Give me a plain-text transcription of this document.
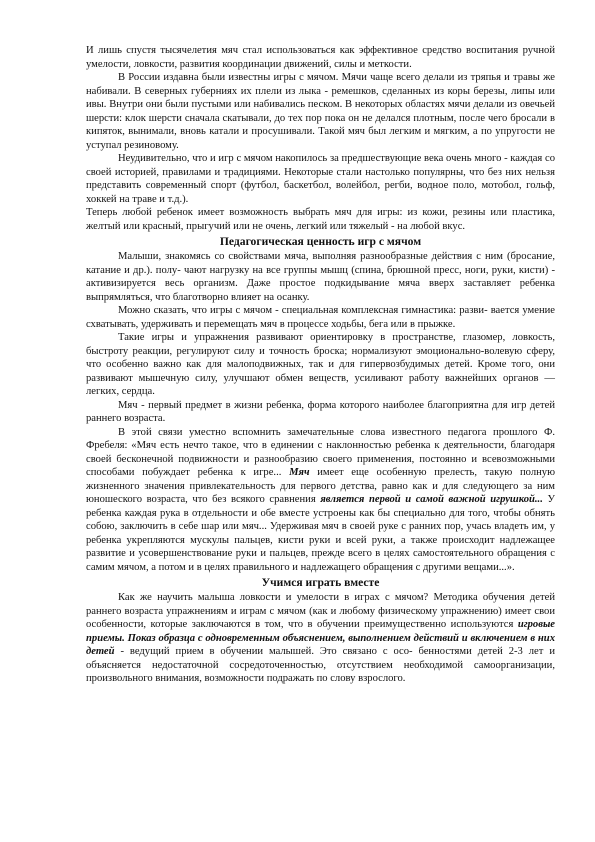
И лишь спустя тысячелетия мяч стал использоваться как эффективное средство воспитания ручной умелости, ловкости, развития координации движений, силы и меткости.

В России издавна были известны игры с мячом. Мячи чаще всего делали из тряпья и травы же набивали. В северных губерниях их плели из лыка - ремешков, сделанных из коры березы, липы или ивы. Внутри они были пустыми или набивались песком. В некоторых областях мячи делали из овечьей шерсти: клок шерсти сначала скатывали, до тех пор пока он не делался плотным, после чего бросали в кипяток, вынимали, вновь катали и просушивали. Такой мяч был легким и мягким, а по упругости не уступал резиновому.

Неудивительно, что и игр с мячом накопилось за предшествующие века очень много - каждая со своей историей, правилами и традициями. Некоторые стали настолько популярны, что без них нельзя представить современный спорт (футбол, баскетбол, волейбол, регби, водное поло, мотобол, гольф, хоккей на траве и т.д.).

Теперь любой ребенок имеет возможность выбрать мяч для игры: из кожи, резины или пластика, желтый или красный, прыгучий или не очень, легкий или тяжелый - на любой вкус.

Педагогическая ценность игр с мячом

Малыши, знакомясь со свойствами мяча, выполняя разнообразные действия с ним (бросание, катание и др.). полу- чают нагрузку на все группы мышц (спина, брюшной пресс, ноги, руки, кисти) - активизируется весь организм. Даже простое подкидывание мяча вверх заставляет ребенка выпрямляться, что благотворно влияет на осанку.

Можно сказать, что игры с мячом - специальная комплексная гимнастика: разви- вается умение схватывать, удерживать и перемещать мяч в процессе ходьбы, бега или в прыжке.

Такие игры и упражнения развивают ориентировку в пространстве, глазомер, ловкость, быстроту реакции, регулируют силу и точность броска; нормализуют эмоционально-волевую сферу, что особенно важно как для малоподвижных, так и для гипервозбудимых детей. Кроме того, они развивают мышечную силу, улучшают обмен веществ, усиливают работу важнейших органов — легких, сердца.

Мяч - первый предмет в жизни ребенка, форма которого наиболее благоприятна для игр детей раннего возраста.

В этой связи уместно вспомнить замечательные слова известного педагога прошлого Ф. Фребеля: «Мяч есть нечто такое, что в единении с наклонностью ребенка к деятельности, благодаря своей бесконечной подвижности и разнообразию своего применения, постоянно и всевозможными способами побуждает ребенка к игре... Мяч имеет еще особенную прелесть, такую полную жизненного значения привлекательность для первого детства, равно как и для следующего за ним юношеского возраста, что без всякого сравнения является первой и самой важной игрушкой... У ребенка каждая рука в отдельности и обе вместе устроены как бы специально для того, чтобы обнять собою, заключить в себе шар или мяч... Удерживая мяч в своей руке с ранних пор, учась владеть им, у ребенка укрепляются мускулы пальцев, кисти руки и всей руки, а также происходит надлежащее развитие и усовершенствование руки и пальцев, прежде всего в целях самостоятельного обращения с самим мячом, а потом и в целях правильного и надлежащего обращения с другими вещами...».

Учимся играть вместе

Как же научить малыша ловкости и умелости в играх с мячом? Методика обучения детей раннего возраста упражнениям и играм с мячом (как и любому физическому упражнению) имеет свои особенности, которые заключаются в том, что в обучении преимущественно используются игровые приемы. Показ образца с одновременным объяснением, выполнением действий и включением в них детей - ведущий прием в обучении малышей. Это связано с осо- бенностями детей 2-3 лет и объясняется недостаточной сосредоточенностью, отсутствием необходимой самоорганизации, произвольного внимания, возможности подражать по слову взрослого.
